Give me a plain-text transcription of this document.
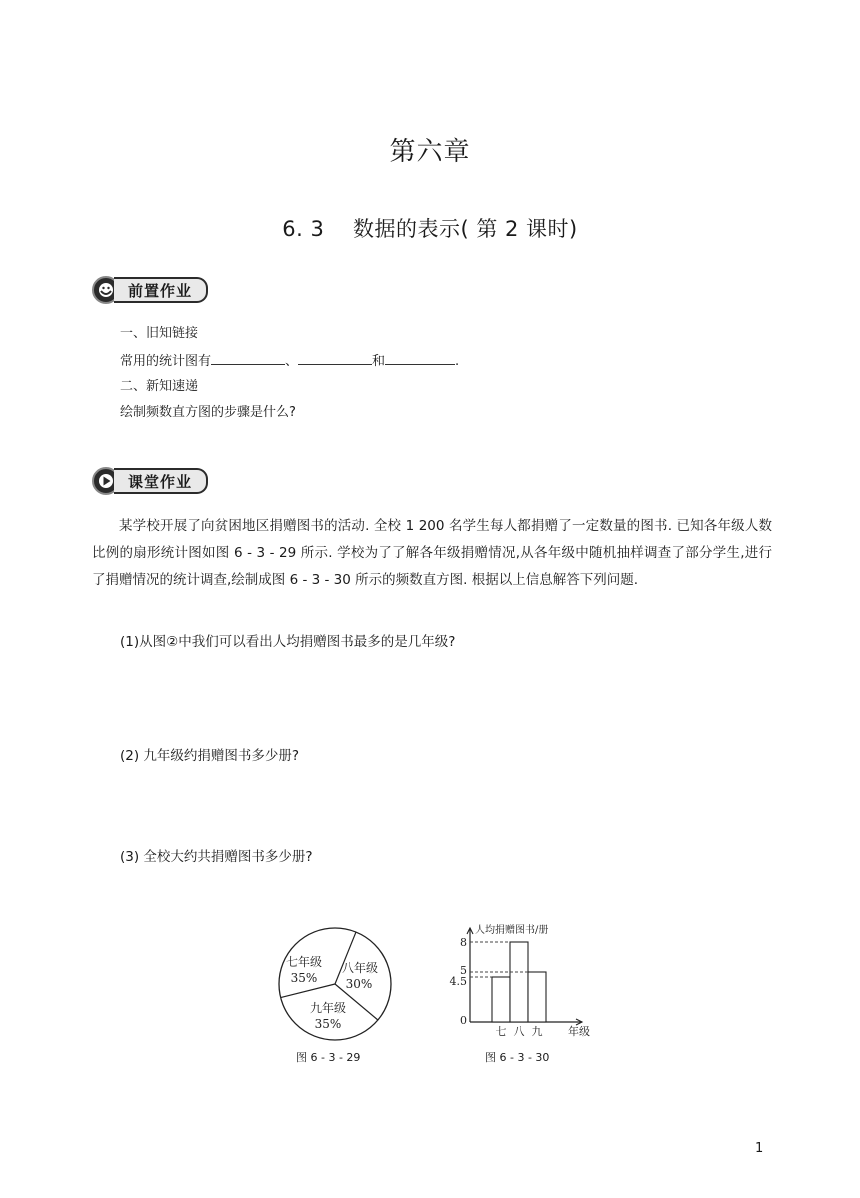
第六章
6. 3　 数据的表示( 第 2 课时)
前置作业
一、旧知链接
常用的统计图有	、	和	.
二、新知速递
绘制频数直方图的步骤是什么?
课堂作业
某学校开展了向贫困地区捐赠图书的活动. 全校 1 200 名学生每人都捐赠了一定数量的图书. 已知各年级人数比例的扇形统计图如图 6 - 3 - 29 所示. 学校为了了解各年级捐赠情况,从各年级中随机抽样调查了部分学生,进行了捐赠情况的统计调查,绘制成图 6 - 3 - 30 所示的频数直方图. 根据以上信息解答下列问题.
(1)从图②中我们可以看出人均捐赠图书最多的是几年级?
(2) 九年级约捐赠图书多少册?
(3) 全校大约共捐赠图书多少册?
七年级
35%
八年级
30%
九年级
35%
图 6 - 3 - 29
七 八 九
0
4.5
5
8
人均捐赠图书/册
年级
图 6 - 3 - 30
1
